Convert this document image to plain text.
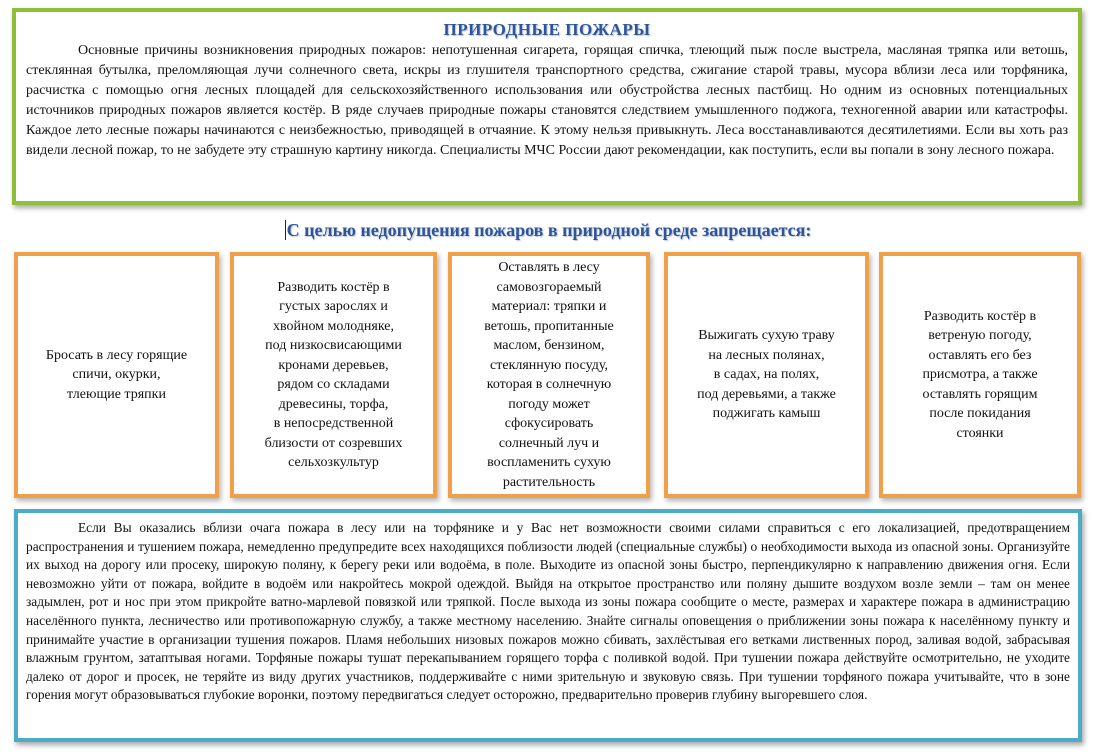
ПРИРОДНЫЕ ПОЖАРЫ

Основные причины возникновения природных пожаров: непотушенная сигарета, горящая спичка, тлеющий пыж после выстрела, масляная тряпка или ветошь, стеклянная бутылка, преломляющая лучи солнечного света, искры из глушителя транспортного средства, сжигание старой травы, мусора вблизи леса или торфяника, расчистка с помощью огня лесных площадей для сельскохозяйственного использования или обустройства лесных пастбищ. Но одним из основных потенциальных источников природных пожаров является костёр. В ряде случаев природные пожары становятся следствием умышленного поджога, техногенной аварии или катастрофы. Каждое лето лесные пожары начинаются с неизбежностью, приводящей в отчаяние. К этому нельзя привыкнуть. Леса восстанавливаются десятилетиями. Если вы хоть раз видели лесной пожар, то не забудете эту страшную картину никогда. Специалисты МЧС России дают рекомендации, как поступить, если вы попали в зону лесного пожара.

С целью недопущения пожаров в природной среде запрещается:
Бросать в лесу горящие
спичи, окурки,
тлеющие тряпки
Разводить костёр в
густых зарослях и
хвойном молодняке,
под низкосвисающими
кронами деревьев,
рядом со складами
древесины, торфа,
в непосредственной
близости от созревших
сельхозкультур
Оставлять в лесу
самовозгораемый
материал: тряпки и
ветошь, пропитанные
маслом, бензином,
стеклянную посуду,
которая в солнечную
погоду может
сфокусировать
солнечный луч и
воспламенить сухую
растительность
Выжигать сухую траву
на лесных полянах,
в садах, на полях,
под деревьями, а также
поджигать камыш
Разводить костёр в
ветреную погоду,
оставлять его без
присмотра, а также
оставлять горящим
после покидания
стоянки

Если Вы оказались вблизи очага пожара в лесу или на торфянике и у Вас нет возможности своими силами справиться с его локализацией, предотвращением распространения и тушением пожара, немедленно предупредите всех находящихся поблизости людей (специальные службы) о необходимости выхода из опасной зоны. Организуйте их выход на дорогу или просеку, широкую поляну, к берегу реки или водоёма, в поле. Выходите из опасной зоны быстро, перпендикулярно к направлению движения огня. Если невозможно уйти от пожара, войдите в водоём или накройтесь мокрой одеждой. Выйдя на открытое пространство или поляну дышите воздухом возле земли – там он менее задымлен, рот и нос при этом прикройте ватно-марлевой повязкой или тряпкой. После выхода из зоны пожара сообщите о месте, размерах и характере пожара в администрацию населённого пункта, лесничество или противопожарную службу, а также местному населению. Знайте сигналы оповещения о приближении зоны пожара к населённому пункту и принимайте участие в организации тушения пожаров. Пламя небольших низовых пожаров можно сбивать, захлёстывая его ветками лиственных пород, заливая водой, забрасывая влажным грунтом, затаптывая ногами. Торфяные пожары тушат перекапыванием горящего торфа с поливкой водой. При тушении пожара действуйте осмотрительно, не уходите далеко от дорог и просек, не теряйте из виду других участников, поддерживайте с ними зрительную и звуковую связь. При тушении торфяного пожара учитывайте, что в зоне горения могут образовываться глубокие воронки, поэтому передвигаться следует осторожно, предварительно проверив глубину выгоревшего слоя.
